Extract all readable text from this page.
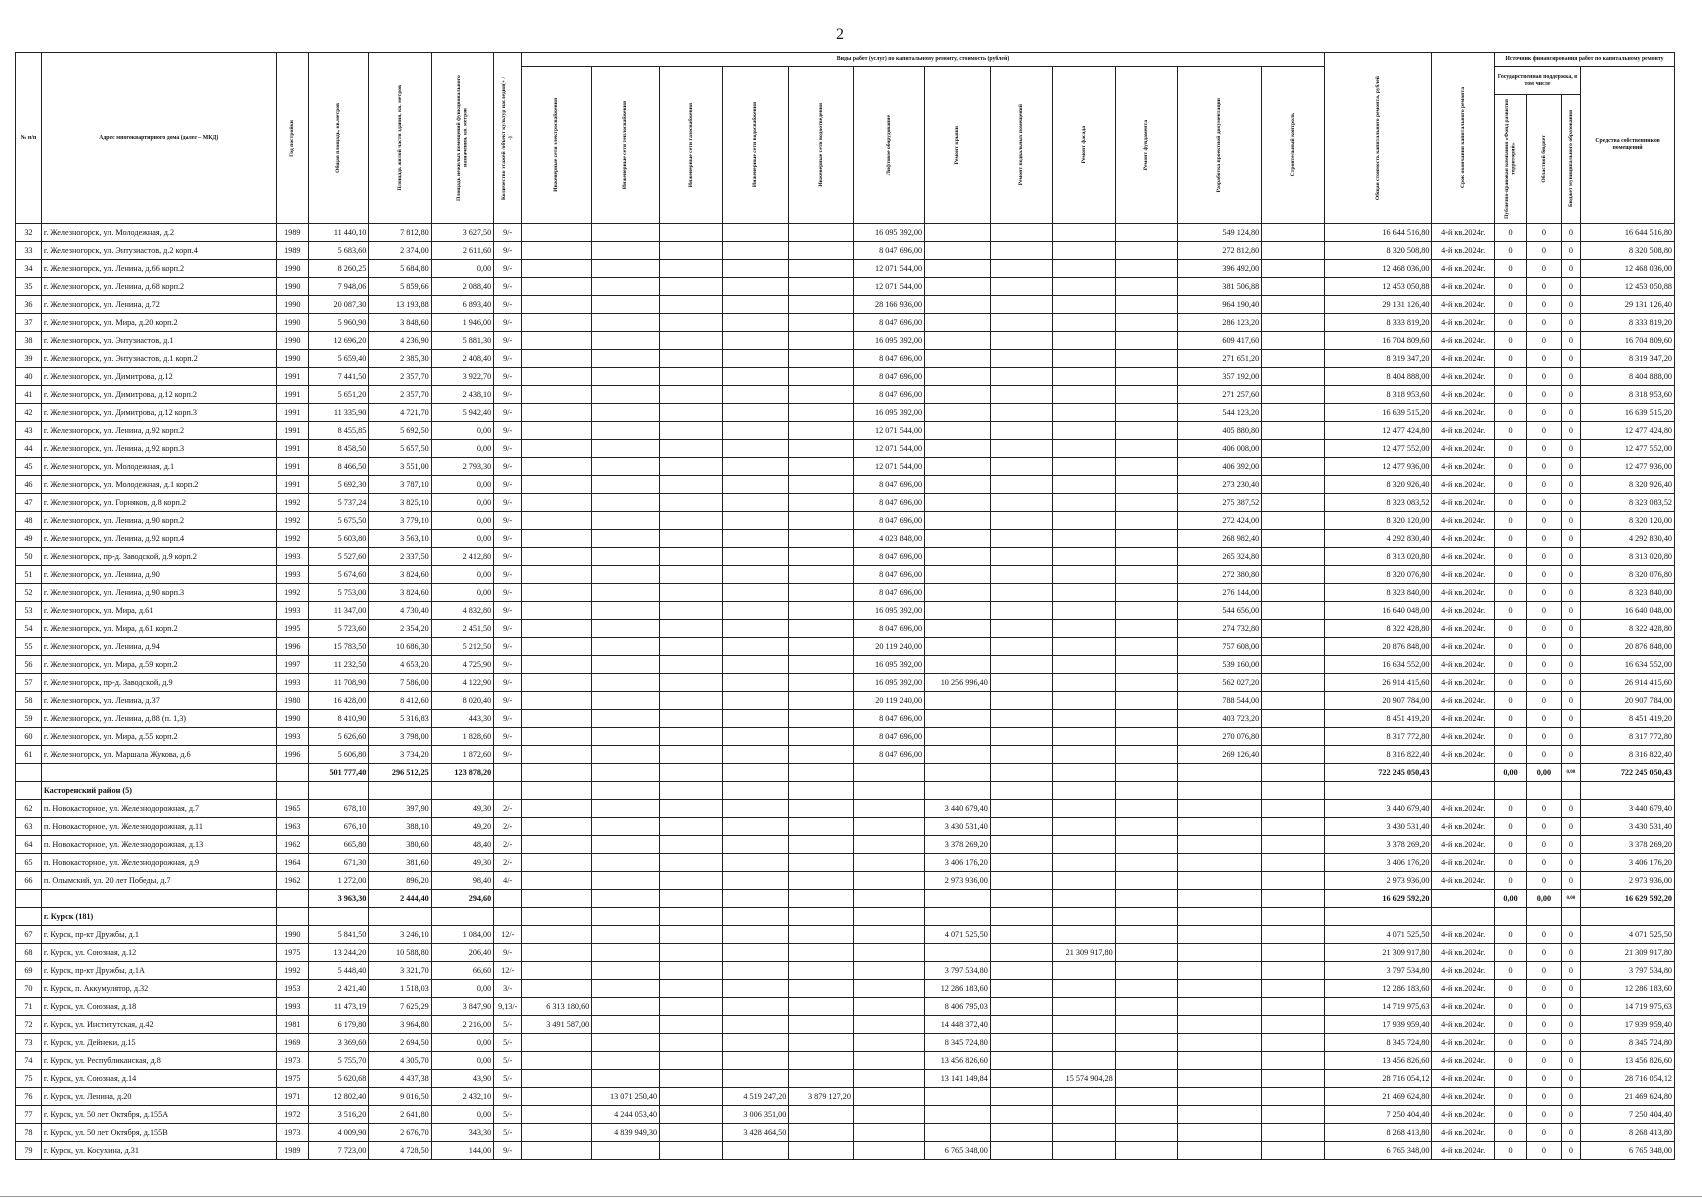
2
№ п/п	Адрес многоквартирного дома (далее – МКД)	Год постройки	Общая площадь, кв.метров	Площадь жилой части здания, кв. метров	Площадь нежилых помещений функционального назначения, кв. метров	Количество этажей /объект культур наследия(+ / -)	Виды работ (услуг) по капитальному ремонту, стоимость (рублей)												Общая стоимость капитального ремонта, рублей	Срок окончания капитального ремонта	Источник финансирования работ по капитальному ремонту			

							Инженерные сети электроснабжения	Инженерные сети теплоснабжения	Инженерные сети газоснабжения	Инженерные сети водоснабжения	Инженерные сети водоотведения	Лифтовое оборудование	Ремонт крыши	Ремонт подвальных помещений	Ремонт фасада	Ремонт фундамента	Разработка проектной документации	Строительный контроль			Государственная поддержка, в том числе			Средства собственников помещений

																					Публично-правовая компания «Фонд развития территорий»	Областной бюджет	Бюджет муниципального образования	

32	г. Железногорск, ул. Молодежная, д.2	1989	11 440,10	7 812,80	3 627,50	9/-						16 095 392,00					549 124,80		16 644 516,80	4-й кв.2024г.	0	0	0	16 644 516,80
33	г. Железногорск, ул. Энтузиастов, д.2 корп.4	1989	5 683,60	2 374,00	2 611,60	9/-						8 047 696,00					272 812,80		8 320 508,80	4-й кв.2024г.	0	0	0	8 320 508,80
34	г. Железногорск, ул. Ленина, д.66 корп.2	1990	8 260,25	5 684,80	0,00	9/-						12 071 544,00					396 492,00		12 468 036,00	4-й кв.2024г.	0	0	0	12 468 036,00
35	г. Железногорск, ул. Ленина, д.68 корп.2	1990	7 948,06	5 859,66	2 088,40	9/-						12 071 544,00					381 506,88		12 453 050,88	4-й кв.2024г.	0	0	0	12 453 050,88
36	г. Железногорск, ул. Ленина, д.72	1990	20 087,30	13 193,88	6 893,40	9/-						28 166 936,00					964 190,40		29 131 126,40	4-й кв.2024г.	0	0	0	29 131 126,40
37	г. Железногорск, ул. Мира, д.20 корп.2	1990	5 960,90	3 848,60	1 946,00	9/-						8 047 696,00					286 123,20		8 333 819,20	4-й кв.2024г.	0	0	0	8 333 819,20
38	г. Железногорск, ул. Энтузиастов, д.1	1990	12 696,20	4 236,90	5 881,30	9/-						16 095 392,00					609 417,60		16 704 809,60	4-й кв.2024г.	0	0	0	16 704 809,60
39	г. Железногорск, ул. Энтузиастов, д.1 корп.2	1990	5 659,40	2 385,30	2 408,40	9/-						8 047 696,00					271 651,20		8 319 347,20	4-й кв.2024г.	0	0	0	8 319 347,20
40	г. Железногорск, ул. Димитрова, д.12	1991	7 441,50	2 357,70	3 922,70	9/-						8 047 696,00					357 192,00		8 404 888,00	4-й кв.2024г.	0	0	0	8 404 888,00
41	г. Железногорск, ул. Димитрова, д.12 корп.2	1991	5 651,20	2 357,70	2 438,10	9/-						8 047 696,00					271 257,60		8 318 953,60	4-й кв.2024г.	0	0	0	8 318 953,60
42	г. Железногорск, ул. Димитрова, д.12 корп.3	1991	11 335,90	4 721,70	5 942,40	9/-						16 095 392,00					544 123,20		16 639 515,20	4-й кв.2024г.	0	0	0	16 639 515,20
43	г. Железногорск, ул. Ленина, д.92 корп.2	1991	8 455,85	5 692,50	0,00	9/-						12 071 544,00					405 880,80		12 477 424,80	4-й кв.2024г.	0	0	0	12 477 424,80
44	г. Железногорск, ул. Ленина, д.92 корп.3	1991	8 458,50	5 657,50	0,00	9/-						12 071 544,00					406 008,00		12 477 552,00	4-й кв.2024г.	0	0	0	12 477 552,00
45	г. Железногорск, ул. Молодежная, д.1	1991	8 466,50	3 551,00	2 793,30	9/-						12 071 544,00					406 392,00		12 477 936,00	4-й кв.2024г.	0	0	0	12 477 936,00
46	г. Железногорск, ул. Молодежная, д.1 корп.2	1991	5 692,30	3 787,10	0,00	9/-						8 047 696,00					273 230,40		8 320 926,40	4-й кв.2024г.	0	0	0	8 320 926,40
47	г. Железногорск, ул. Горняков, д.8 корп.2	1992	5 737,24	3 825,10	0,00	9/-						8 047 696,00					275 387,52		8 323 083,52	4-й кв.2024г.	0	0	0	8 323 083,52
48	г. Железногорск, ул. Ленина, д.90 корп.2	1992	5 675,50	3 779,10	0,00	9/-						8 047 696,00					272 424,00		8 320 120,00	4-й кв.2024г.	0	0	0	8 320 120,00
49	г. Железногорск, ул. Ленина, д.92 корп.4	1992	5 603,80	3 563,10	0,00	9/-						4 023 848,00					268 982,40		4 292 830,40	4-й кв.2024г.	0	0	0	4 292 830,40
50	г. Железногорск, пр-д. Заводской, д.9 корп.2	1993	5 527,60	2 337,50	2 412,80	9/-						8 047 696,00					265 324,80		8 313 020,80	4-й кв.2024г.	0	0	0	8 313 020,80
51	г. Железногорск, ул. Ленина, д.90	1993	5 674,60	3 824,60	0,00	9/-						8 047 696,00					272 380,80		8 320 076,80	4-й кв.2024г.	0	0	0	8 320 076,80
52	г. Железногорск, ул. Ленина, д.90 корп.3	1992	5 753,00	3 824,60	0,00	9/-						8 047 696,00					276 144,00		8 323 840,00	4-й кв.2024г.	0	0	0	8 323 840,00
53	г. Железногорск, ул. Мира, д.61	1993	11 347,00	4 730,40	4 832,80	9/-						16 095 392,00					544 656,00		16 640 048,00	4-й кв.2024г.	0	0	0	16 640 048,00
54	г. Железногорск, ул. Мира, д.61 корп.2	1995	5 723,60	2 354,20	2 451,50	9/-						8 047 696,00					274 732,80		8 322 428,80	4-й кв.2024г.	0	0	0	8 322 428,80
55	г. Железногорск, ул. Ленина, д.94	1996	15 783,50	10 686,30	5 212,50	9/-						20 119 240,00					757 608,00		20 876 848,00	4-й кв.2024г.	0	0	0	20 876 848,00
56	г. Железногорск, ул. Мира, д.59 корп.2	1997	11 232,50	4 653,20	4 725,90	9/-						16 095 392,00					539 160,00		16 634 552,00	4-й кв.2024г.	0	0	0	16 634 552,00
57	г. Железногорск, пр-д. Заводской, д.9	1993	11 708,90	7 586,00	4 122,90	9/-						16 095 392,00	10 256 996,40				562 027,20		26 914 415,60	4-й кв.2024г.	0	0	0	26 914 415,60
58	г. Железногорск, ул. Ленина, д.37	1980	16 428,00	8 412,60	8 020,40	9/-						20 119 240,00					788 544,00		20 907 784,00	4-й кв.2024г.	0	0	0	20 907 784,00
59	г. Железногорск, ул. Ленина, д.88 (п. 1,3)	1990	8 410,90	5 316,83	443,30	9/-						8 047 696,00					403 723,20		8 451 419,20	4-й кв.2024г.	0	0	0	8 451 419,20
60	г. Железногорск, ул. Мира, д.55 корп.2	1993	5 626,60	3 798,00	1 828,60	9/-						8 047 696,00					270 076,80		8 317 772,80	4-й кв.2024г.	0	0	0	8 317 772,80
61	г. Железногорск, ул. Маршала Жукова, д.6	1996	5 606,80	3 734,20	1 872,60	9/-						8 047 696,00					269 126,40		8 316 822,40	4-й кв.2024г.	0	0	0	8 316 822,40
			501 777,40	296 512,25	123 878,20														722 245 050,43		0,00	0,00	0,00	722 245 050,43
	Касторенский район (5)																							
62	п. Новокасторное, ул. Железнодорожная, д.7	1965	678,10	397,90	49,30	2/-							3 440 679,40						3 440 679,40	4-й кв.2024г.	0	0	0	3 440 679,40
63	п. Новокасторное, ул. Железнодорожная, д.11	1963	676,10	388,10	49,20	2/-							3 430 531,40						3 430 531,40	4-й кв.2024г.	0	0	0	3 430 531,40
64	п. Новокасторное, ул. Железнодорожная, д.13	1962	665,80	380,60	48,40	2/-							3 378 269,20						3 378 269,20	4-й кв.2024г.	0	0	0	3 378 269,20
65	п. Новокасторное, ул. Железнодорожная, д.9	1964	671,30	381,60	49,30	2/-							3 406 176,20						3 406 176,20	4-й кв.2024г.	0	0	0	3 406 176,20
66	п. Олымский, ул. 20 лет Победы, д.7	1962	1 272,00	896,20	98,40	4/-							2 973 936,00						2 973 936,00	4-й кв.2024г.	0	0	0	2 973 936,00
			3 963,30	2 444,40	294,60														16 629 592,20		0,00	0,00	0,00	16 629 592,20
	г. Курск (181)																							
67	г. Курск, пр-кт Дружбы, д.1	1990	5 841,50	3 246,10	1 084,00	12/-							4 071 525,50						4 071 525,50	4-й кв.2024г.	0	0	0	4 071 525,50
68	г. Курск, ул. Союзная, д.12	1975	13 244,20	10 588,80	206,40	9/-									21 309 917,80				21 309 917,80	4-й кв.2024г.	0	0	0	21 309 917,80
69	г. Курск, пр-кт Дружбы, д.1А	1992	5 448,40	3 321,70	66,60	12/-							3 797 534,80						3 797 534,80	4-й кв.2024г.	0	0	0	3 797 534,80
70	г. Курск, п. Аккумулятор, д.32	1953	2 421,40	1 518,03	0,00	3/-							12 286 183,60						12 286 183,60	4-й кв.2024г.	0	0	0	12 286 183,60
71	г. Курск, ул. Союзная, д.18	1993	11 473,19	7 625,29	3 847,90	9,13/-	6 313 180,60						8 406 795,03						14 719 975,63	4-й кв.2024г.	0	0	0	14 719 975,63
72	г. Курск, ул. Институтская, д.42	1981	6 179,80	3 964,80	2 216,00	5/-	3 491 587,00						14 448 372,40						17 939 959,40	4-й кв.2024г.	0	0	0	17 939 959,40
73	г. Курск, ул. Дейнеки, д.15	1969	3 369,60	2 694,50	0,00	5/-							8 345 724,80						8 345 724,80	4-й кв.2024г.	0	0	0	8 345 724,80
74	г. Курск, ул. Республиканская, д.8	1973	5 755,70	4 305,70	0,00	5/-							13 456 826,60						13 456 826,60	4-й кв.2024г.	0	0	0	13 456 826,60
75	г. Курск, ул. Союзная, д.14	1975	5 620,68	4 437,38	43,90	5/-							13 141 149,84		15 574 904,28				28 716 054,12	4-й кв.2024г.	0	0	0	28 716 054,12
76	г. Курск, ул. Ленина, д.20	1971	12 802,40	9 016,50	2 432,10	9/-		13 071 250,40		4 519 247,20	3 879 127,20								21 469 624,80	4-й кв.2024г.	0	0	0	21 469 624,80
77	г. Курск, ул. 50 лет Октября, д.155А	1972	3 516,20	2 641,80	0,00	5/-		4 244 053,40		3 006 351,00									7 250 404,40	4-й кв.2024г.	0	0	0	7 250 404,40
78	г. Курск, ул. 50 лет Октября, д.155В	1973	4 009,90	2 676,70	343,30	5/-		4 839 949,30		3 428 464,50									8 268 413,80	4-й кв.2024г.	0	0	0	8 268 413,80
79	г. Курск, ул. Косухина, д.31	1989	7 723,00	4 728,50	144,00	9/-							6 765 348,00						6 765 348,00	4-й кв.2024г.	0	0	0	6 765 348,00
